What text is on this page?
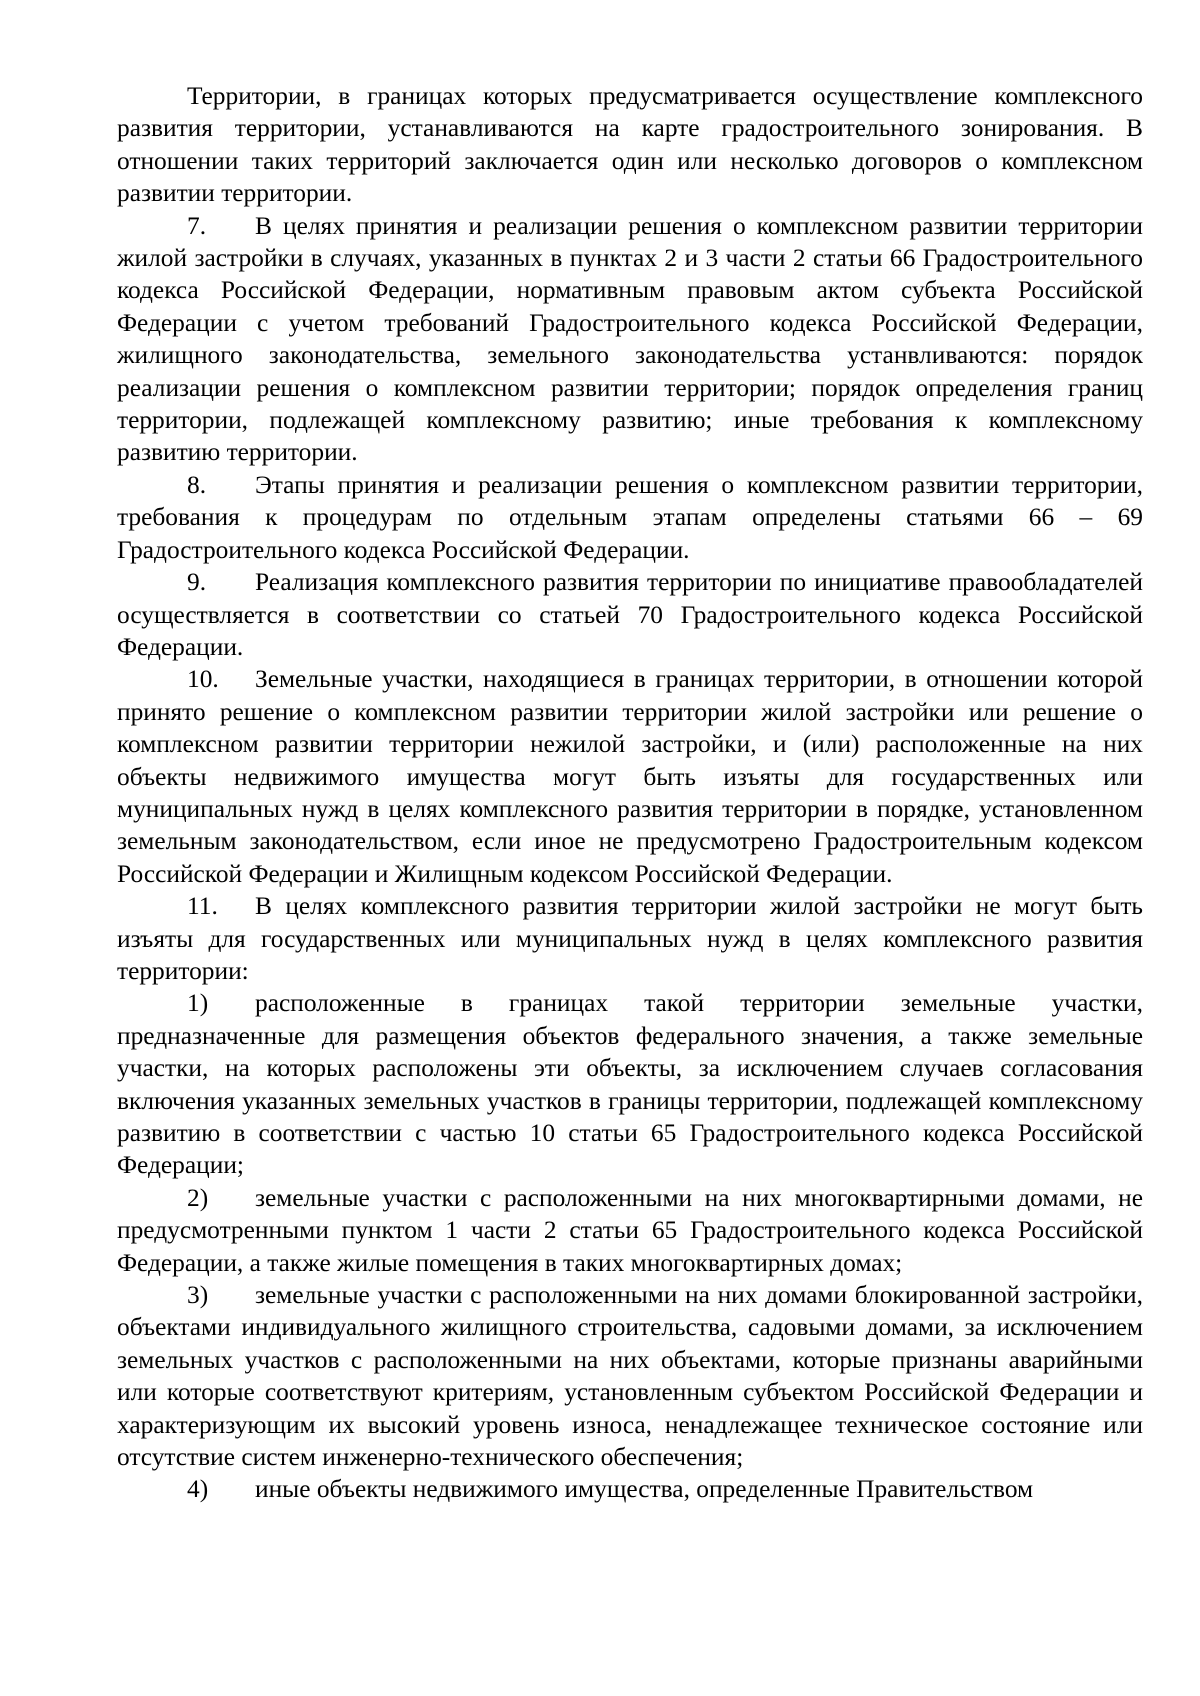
Территории, в границах которых предусматривается осуществление комплексного развития территории, устанавливаются на карте градостроительного зонирования. В отношении таких территорий заключается один или несколько договоров о комплексном развитии территории.

7. В целях принятия и реализации решения о комплексном развитии территории жилой застройки в случаях, указанных в пунктах 2 и 3 части 2 статьи 66 Градостроительного кодекса Российской Федерации, нормативным правовым актом субъекта Российской Федерации с учетом требований Градостроительного кодекса Российской Федерации, жилищного законодательства, земельного законодательства устанвливаются: порядок реализации решения о комплексном развитии территории; порядок определения границ территории, подлежащей комплексному развитию; иные требования к комплексному развитию территории.

8. Этапы принятия и реализации решения о комплексном развитии территории, требования к процедурам по отдельным этапам определены статьями 66 – 69 Градостроительного кодекса Российской Федерации.

9. Реализация комплексного развития территории по инициативе правообладателей осуществляется в соответствии со статьей 70 Градостроительного кодекса Российской Федерации.

10. Земельные участки, находящиеся в границах территории, в отношении которой принято решение о комплексном развитии территории жилой застройки или решение о комплексном развитии территории нежилой застройки, и (или) расположенные на них объекты недвижимого имущества могут быть изъяты для государственных или муниципальных нужд в целях комплексного развития территории в порядке, установленном земельным законодательством, если иное не предусмотрено Градостроительным кодексом Российской Федерации и Жилищным кодексом Российской Федерации.

11. В целях комплексного развития территории жилой застройки не могут быть изъяты для государственных или муниципальных нужд в целях комплексного развития территории:

1) расположенные в границах такой территории земельные участки, предназначенные для размещения объектов федерального значения, а также земельные участки, на которых расположены эти объекты, за исключением случаев согласования включения указанных земельных участков в границы территории, подлежащей комплексному развитию в соответствии с частью 10 статьи 65 Градостроительного кодекса Российской Федерации;

2) земельные участки с расположенными на них многоквартирными домами, не предусмотренными пунктом 1 части 2 статьи 65 Градостроительного кодекса Российской Федерации, а также жилые помещения в таких многоквартирных домах;

3) земельные участки с расположенными на них домами блокированной застройки, объектами индивидуального жилищного строительства, садовыми домами, за исключением земельных участков с расположенными на них объектами, которые признаны аварийными или которые соответствуют критериям, установленным субъектом Российской Федерации и характеризующим их высокий уровень износа, ненадлежащее техническое состояние или отсутствие систем инженерно-технического обеспечения;

4) иные объекты недвижимого имущества, определенные Правительством
